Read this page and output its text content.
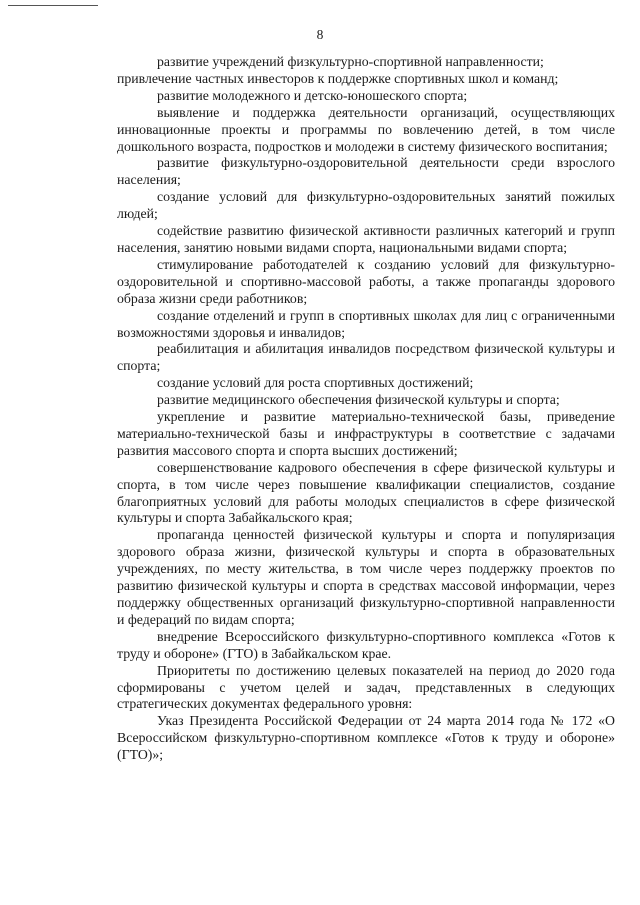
8

развитие учреждений физкультурно-спортивной направленности;

привлечение частных инвесторов к поддержке спортивных школ и команд;

развитие молодежного и детско-юношеского спорта;

выявление и поддержка деятельности организаций, осуществляющих инновационные проекты и программы по вовлечению детей, в том числе дошкольного возраста, подростков и молодежи в систему физического воспитания;

развитие физкультурно-оздоровительной деятельности среди взрослого населения;

создание условий для физкультурно-оздоровительных занятий пожилых людей;

содействие развитию физической активности различных категорий и групп населения, занятию новыми видами спорта, национальными видами спорта;

стимулирование работодателей к созданию условий для физкультурно-оздоровительной и спортивно-массовой работы, а также пропаганды здорового образа жизни среди работников;

создание отделений и групп в спортивных школах для лиц с ограниченными возможностями здоровья и инвалидов;

реабилитация и абилитация инвалидов посредством физической культуры и спорта;

создание условий для роста спортивных достижений;

развитие медицинского обеспечения физической культуры и спорта;

укрепление и развитие материально-технической базы, приведение материально-технической базы и инфраструктуры в соответствие с задачами развития массового спорта и спорта высших достижений;

совершенствование кадрового обеспечения в сфере физической культуры и спорта, в том числе через повышение квалификации специалистов, создание благоприятных условий для работы молодых специалистов в сфере физической культуры и спорта Забайкальского края;

пропаганда ценностей физической культуры и спорта и популяризация здорового образа жизни, физической культуры и спорта в образовательных учреждениях, по месту жительства, в том числе через поддержку проектов по развитию физической культуры и спорта в средствах массовой информации, через поддержку общественных организаций физкультурно-спортивной направленности и федераций по видам спорта;

внедрение Всероссийского физкультурно-спортивного комплекса «Готов к труду и обороне» (ГТО) в Забайкальском крае.

Приоритеты по достижению целевых показателей на период до 2020 года сформированы с учетом целей и задач, представленных в следующих стратегических документах федерального уровня:

Указ Президента Российской Федерации от 24 марта 2014 года № 172 «О Всероссийском физкультурно-спортивном комплексе «Готов к труду и обороне» (ГТО)»;
